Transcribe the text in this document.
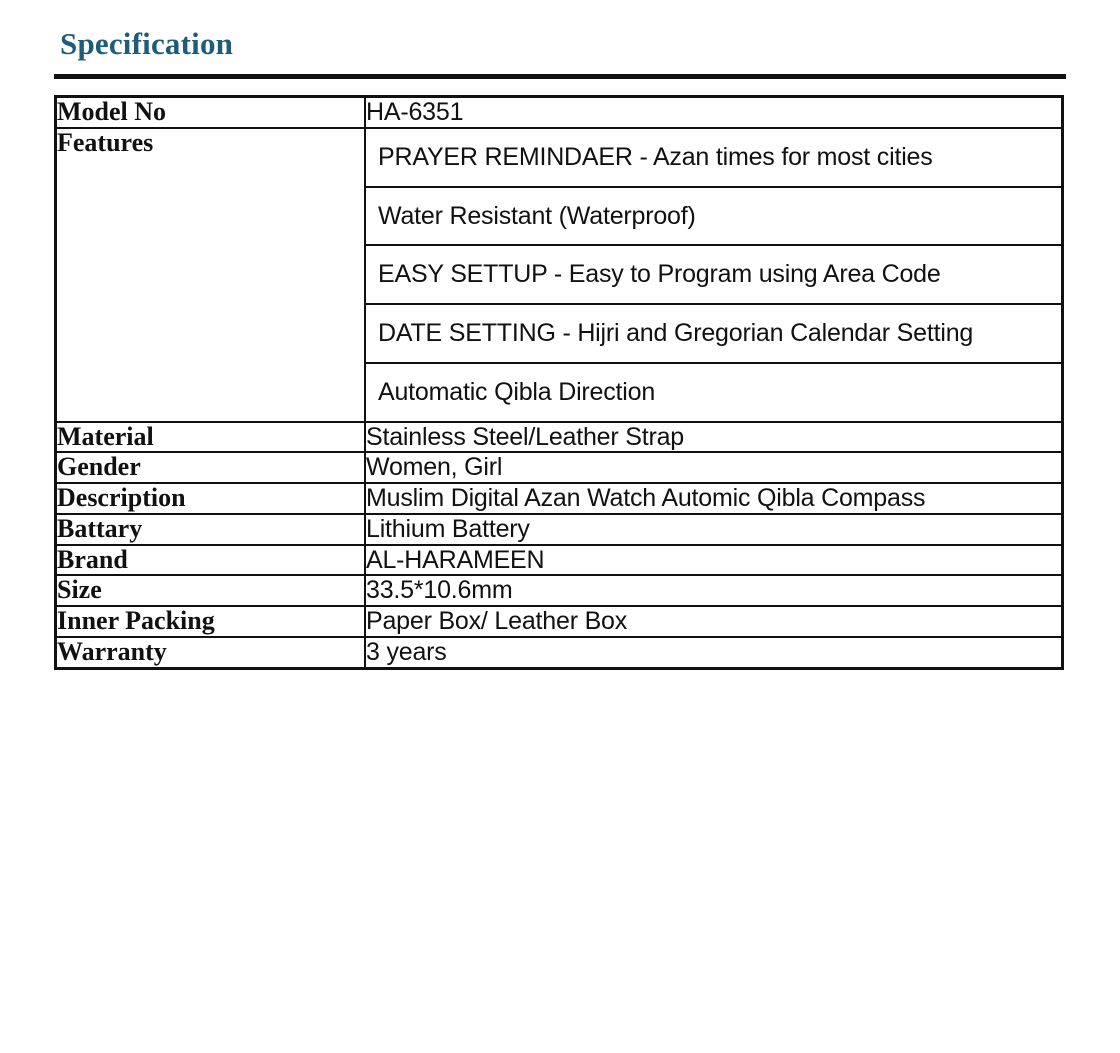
Specification
Model No	HA-6351
Features		PRAYER REMINDAER - Azan times for most cities
Water Resistant (Waterproof)
EASY SETTUP - Easy to Program using Area Code
DATE SETTING - Hijri and Gregorian Calendar Setting
Automatic Qibla Direction

Material	Stainless Steel/Leather Strap
Gender	Women, Girl
Description	Muslim Digital Azan Watch Automic Qibla Compass
Battary	Lithium Battery
Brand	AL-HARAMEEN
Size	33.5*10.6mm
Inner Packing	Paper Box/ Leather Box
Warranty	3 years
